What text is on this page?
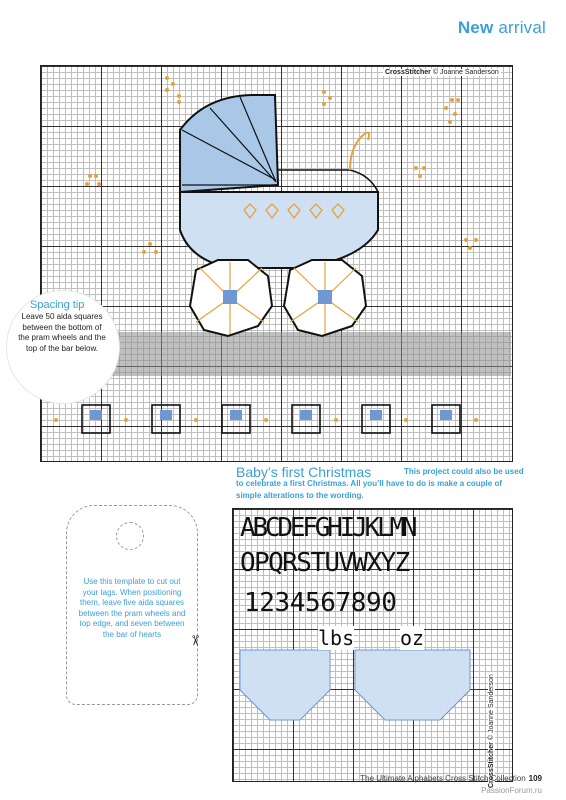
ABCDEFGHIJKLMN
OPQRSTUVWXYZ
1234567890
lbs oz
New arrival
CrossStitcher © Joanne Sanderson
CrossStitcher © Joanne Sanderson
Spacing tip
Leave 50 aida squares between the bottom of the pram wheels and the top of the bar below.
Baby’s first Christmas	This project could also be used to celebrate a first Christmas. All you’ll have to do is make a couple of simple alterations to the wording.
Use this template to cut out your tags. When positioning them, leave five aida squares between the pram wheels and top edge, and seven between the bar of hearts
✂
The Ultimate Alphabets Cross Stitch Collection 109
PassionForum.ru
